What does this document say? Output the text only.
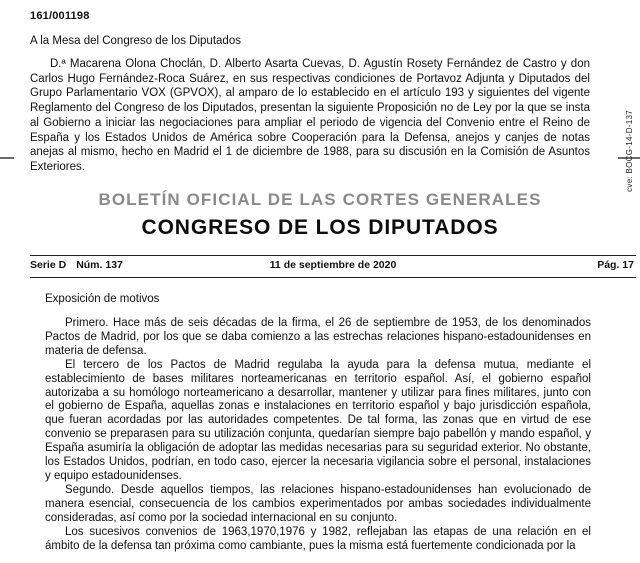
161/001198

A la Mesa del Congreso de los Diputados

D.ª Macarena Olona Choclán, D. Alberto Asarta Cuevas, D. Agustín Rosety Fernández de Castro y don Carlos Hugo Fernández-Roca Suárez, en sus respectivas condiciones de Portavoz Adjunta y Diputados del Grupo Parlamentario VOX (GPVOX), al amparo de lo establecido en el artículo 193 y siguientes del vigente Reglamento del Congreso de los Diputados, presentan la siguiente Proposición no de Ley por la que se insta al Gobierno a iniciar las negociaciones para ampliar el periodo de vigencia del Convenio entre el Reino de España y los Estados Unidos de América sobre Cooperación para la Defensa, anejos y canjes de notas anejas al mismo, hecho en Madrid el 1 de diciembre de 1988, para su discusión en la Comisión de Asuntos Exteriores.	cve: BOCG-14-D-137

BOLETÍN OFICIAL DE LAS CORTES GENERALES

CONGRESO DE LOS DIPUTADOS

Serie D Núm. 137	11 de septiembre de 2020	Pág. 17

Exposición de motivos

Primero. Hace más de seis décadas de la firma, el 26 de septiembre de 1953, de los denominados Pactos de Madrid, por los que se daba comienzo a las estrechas relaciones hispano-estadounidenses en materia de defensa.

El tercero de los Pactos de Madrid regulaba la ayuda para la defensa mutua, mediante el establecimiento de bases militares norteamericanas en territorio español. Así, el gobierno español autorizaba a su homólogo norteamericano a desarrollar, mantener y utilizar para fines militares, junto con el gobierno de España, aquellas zonas e instalaciones en territorio español y bajo jurisdicción española, que fueran acordadas por las autoridades competentes. De tal forma, las zonas que en virtud de ese convenio se preparasen para su utilización conjunta, quedarían siempre bajo pabellón y mando español, y España asumiría la obligación de adoptar las medidas necesarias para su seguridad exterior. No obstante, los Estados Unidos, podrían, en todo caso, ejercer la necesaria vigilancia sobre el personal, instalaciones y equipo estadounidenses.

Segundo. Desde aquellos tiempos, las relaciones hispano-estadounidenses han evolucionado de manera esencial, consecuencia de los cambios experimentados por ambas sociedades individualmente consideradas, así como por la sociedad internacional en su conjunto.

Los sucesivos convenios de 1963,1970,1976 y 1982, reflejaban las etapas de una relación en el ámbito de la defensa tan próxima como cambiante, pues la misma está fuertemente condicionada por la
